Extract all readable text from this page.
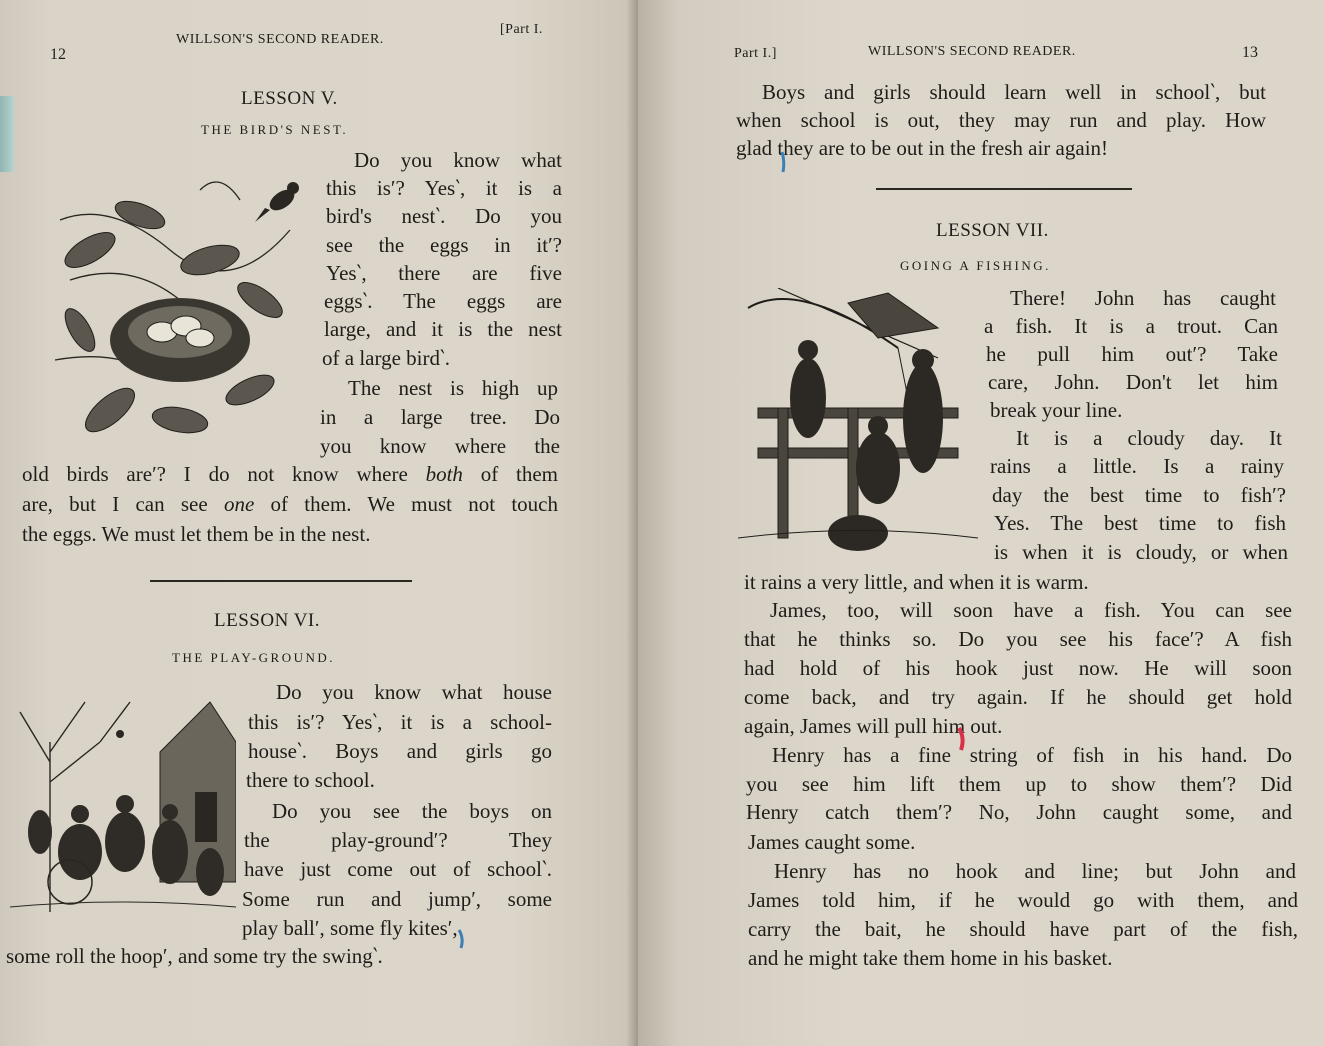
12
WILLSON'S SECOND READER.
[Part I.
LESSON V.
THE BIRD'S NEST.
Do you know what
this is′? Yes‵, it is a
bird's nest‵. Do you
see the eggs in it′?
Yes‵, there are five
eggs‵. The eggs are
large, and it is the nest
of a large bird‵.
The nest is high up
in a large tree. Do
you know where the
old birds are′? I do not know where both of them
are, but I can see one of them. We must not touch
the eggs. We must let them be in the nest.
LESSON VI.
THE PLAY-GROUND.
Do you know what house
this is′? Yes‵, it is a school-
house‵. Boys and girls go
there to school.
Do you see the boys on
the play-ground′? They
have just come out of school‵.
Some run and jump′, some
play ball′, some fly kites′,
some roll the hoop′, and some try the swing‵.
Part I.]	WILLSON'S SECOND READER.	13
Boys and girls should learn well in school‵, but
when school is out, they may run and play. How
glad they are to be out in the fresh air again!
LESSON VII.
GOING A FISHING.
There! John has caught
a fish. It is a trout. Can
he pull him out′? Take
care, John. Don't let him
break your line.
It is a cloudy day. It
rains a little. Is a rainy
day the best time to fish′?
Yes. The best time to fish
is when it is cloudy, or when
it rains a very little, and when it is warm.
James, too, will soon have a fish. You can see
that he thinks so. Do you see his face′? A fish
had hold of his hook just now. He will soon
come back, and try again. If he should get hold
again, James will pull him out.
Henry has a fine string of fish in his hand. Do
you see him lift them up to show them′? Did
Henry catch them′? No, John caught some, and
James caught some.
Henry has no hook and line; but John and
James told him, if he would go with them, and
carry the bait, he should have part of the fish,
and he might take them home in his basket.
